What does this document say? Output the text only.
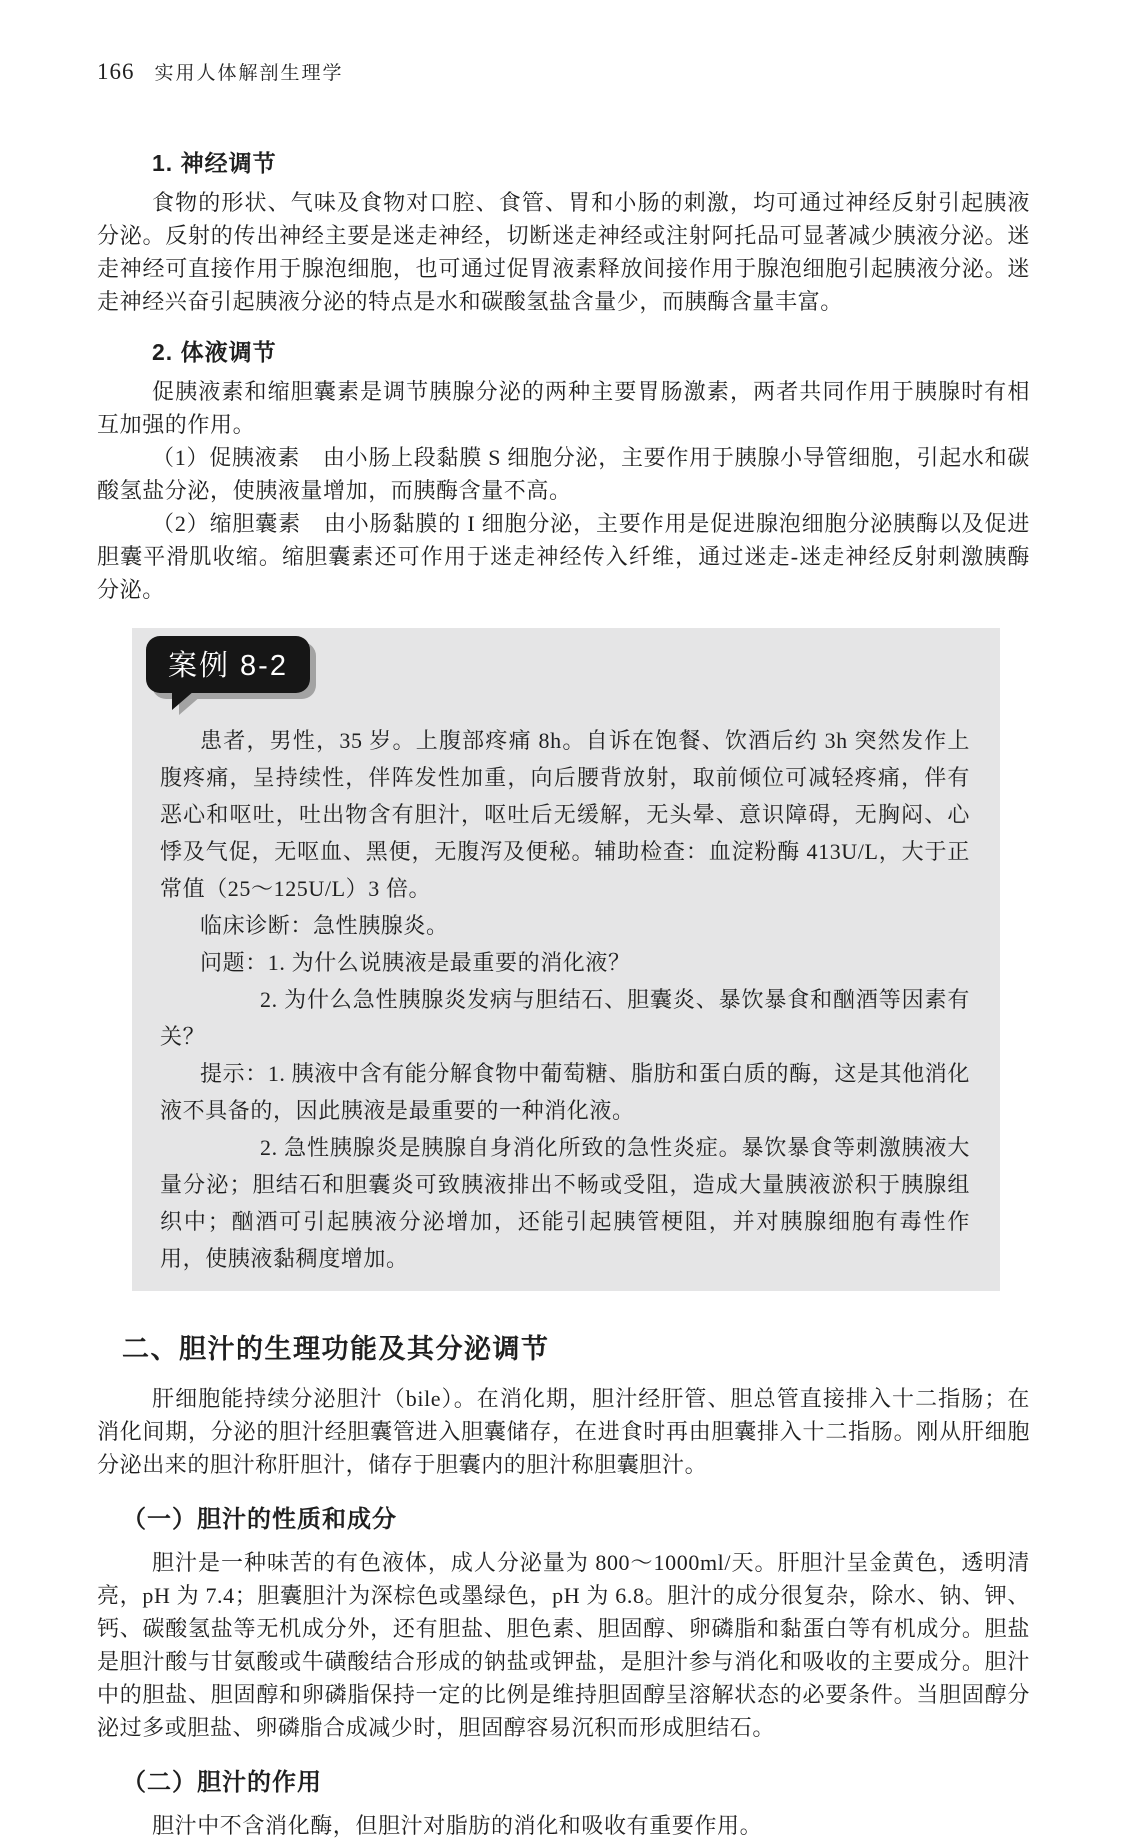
166 实用人体解剖生理学
1. 神经调节

食物的形状、气味及食物对口腔、食管、胃和小肠的刺激，均可通过神经反射引起胰液分泌。反射的传出神经主要是迷走神经，切断迷走神经或注射阿托品可显著减少胰液分泌。迷走神经可直接作用于腺泡细胞，也可通过促胃液素释放间接作用于腺泡细胞引起胰液分泌。迷走神经兴奋引起胰液分泌的特点是水和碳酸氢盐含量少，而胰酶含量丰富。

2. 体液调节

促胰液素和缩胆囊素是调节胰腺分泌的两种主要胃肠激素，两者共同作用于胰腺时有相互加强的作用。

（1）促胰液素　由小肠上段黏膜 S 细胞分泌，主要作用于胰腺小导管细胞，引起水和碳酸氢盐分泌，使胰液量增加，而胰酶含量不高。

（2）缩胆囊素　由小肠黏膜的 I 细胞分泌，主要作用是促进腺泡细胞分泌胰酶以及促进胆囊平滑肌收缩。缩胆囊素还可作用于迷走神经传入纤维，通过迷走-迷走神经反射刺激胰酶分泌。

案例 8-2

患者，男性，35 岁。上腹部疼痛 8h。自诉在饱餐、饮酒后约 3h 突然发作上腹疼痛，呈持续性，伴阵发性加重，向后腰背放射，取前倾位可减轻疼痛，伴有恶心和呕吐，吐出物含有胆汁，呕吐后无缓解，无头晕、意识障碍，无胸闷、心悸及气促，无呕血、黑便，无腹泻及便秘。辅助检查：血淀粉酶 413U/L，大于正常值（25～125U/L）3 倍。

临床诊断：急性胰腺炎。

问题：1. 为什么说胰液是最重要的消化液？

2. 为什么急性胰腺炎发病与胆结石、胆囊炎、暴饮暴食和酗酒等因素有关？

提示：1. 胰液中含有能分解食物中葡萄糖、脂肪和蛋白质的酶，这是其他消化液不具备的，因此胰液是最重要的一种消化液。

2. 急性胰腺炎是胰腺自身消化所致的急性炎症。暴饮暴食等刺激胰液大量分泌；胆结石和胆囊炎可致胰液排出不畅或受阻，造成大量胰液淤积于胰腺组织中；酗酒可引起胰液分泌增加，还能引起胰管梗阻，并对胰腺细胞有毒性作用，使胰液黏稠度增加。

二、胆汁的生理功能及其分泌调节

肝细胞能持续分泌胆汁（bile）。在消化期，胆汁经肝管、胆总管直接排入十二指肠；在消化间期，分泌的胆汁经胆囊管进入胆囊储存，在进食时再由胆囊排入十二指肠。刚从肝细胞分泌出来的胆汁称肝胆汁，储存于胆囊内的胆汁称胆囊胆汁。

（一）胆汁的性质和成分

胆汁是一种味苦的有色液体，成人分泌量为 800～1000ml/天。肝胆汁呈金黄色，透明清亮，pH 为 7.4；胆囊胆汁为深棕色或墨绿色，pH 为 6.8。胆汁的成分很复杂，除水、钠、钾、钙、碳酸氢盐等无机成分外，还有胆盐、胆色素、胆固醇、卵磷脂和黏蛋白等有机成分。胆盐是胆汁酸与甘氨酸或牛磺酸结合形成的钠盐或钾盐，是胆汁参与消化和吸收的主要成分。胆汁中的胆盐、胆固醇和卵磷脂保持一定的比例是维持胆固醇呈溶解状态的必要条件。当胆固醇分泌过多或胆盐、卵磷脂合成减少时，胆固醇容易沉积而形成胆结石。

（二）胆汁的作用

胆汁中不含消化酶，但胆汁对脂肪的消化和吸收有重要作用。
